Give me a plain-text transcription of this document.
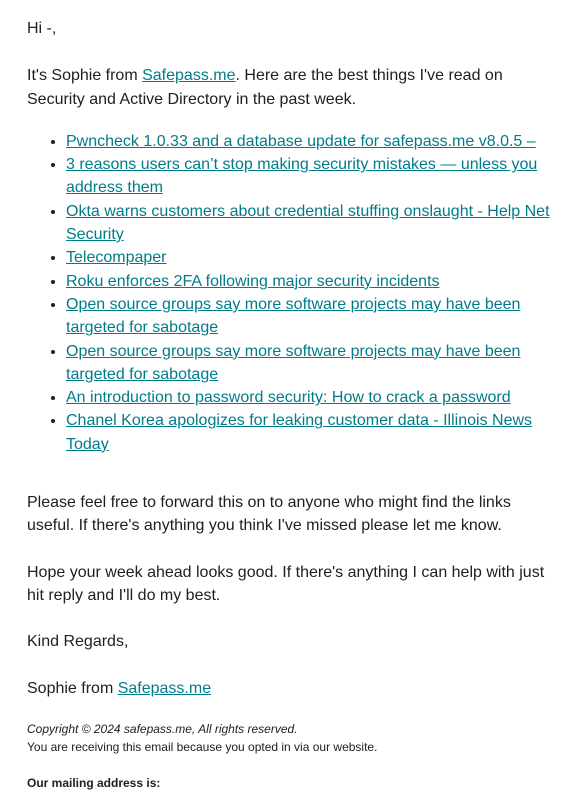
Hi -,

It's Sophie from Safepass.me. Here are the best things I've read on Security and Active Directory in the past week.

• Pwncheck 1.0.33 and a database update for safepass.me v8.0.5 –
• 3 reasons users can’t stop making security mistakes — unless you address them
• Okta warns customers about credential stuffing onslaught - Help Net Security
• Telecompaper
• Roku enforces 2FA following major security incidents
• Open source groups say more software projects may have been targeted for sabotage
• Open source groups say more software projects may have been targeted for sabotage
• An introduction to password security: How to crack a password
• Chanel Korea apologizes for leaking customer data - Illinois News Today

Please feel free to forward this on to anyone who might find the links useful. If there's anything you think I've missed please let me know.

Hope your week ahead looks good. If there's anything I can help with just hit reply and I'll do my best.

Kind Regards,

Sophie from Safepass.me

Copyright © 2024 safepass.me, All rights reserved.
You are receiving this email because you opted in via our website.
Our mailing address is:
